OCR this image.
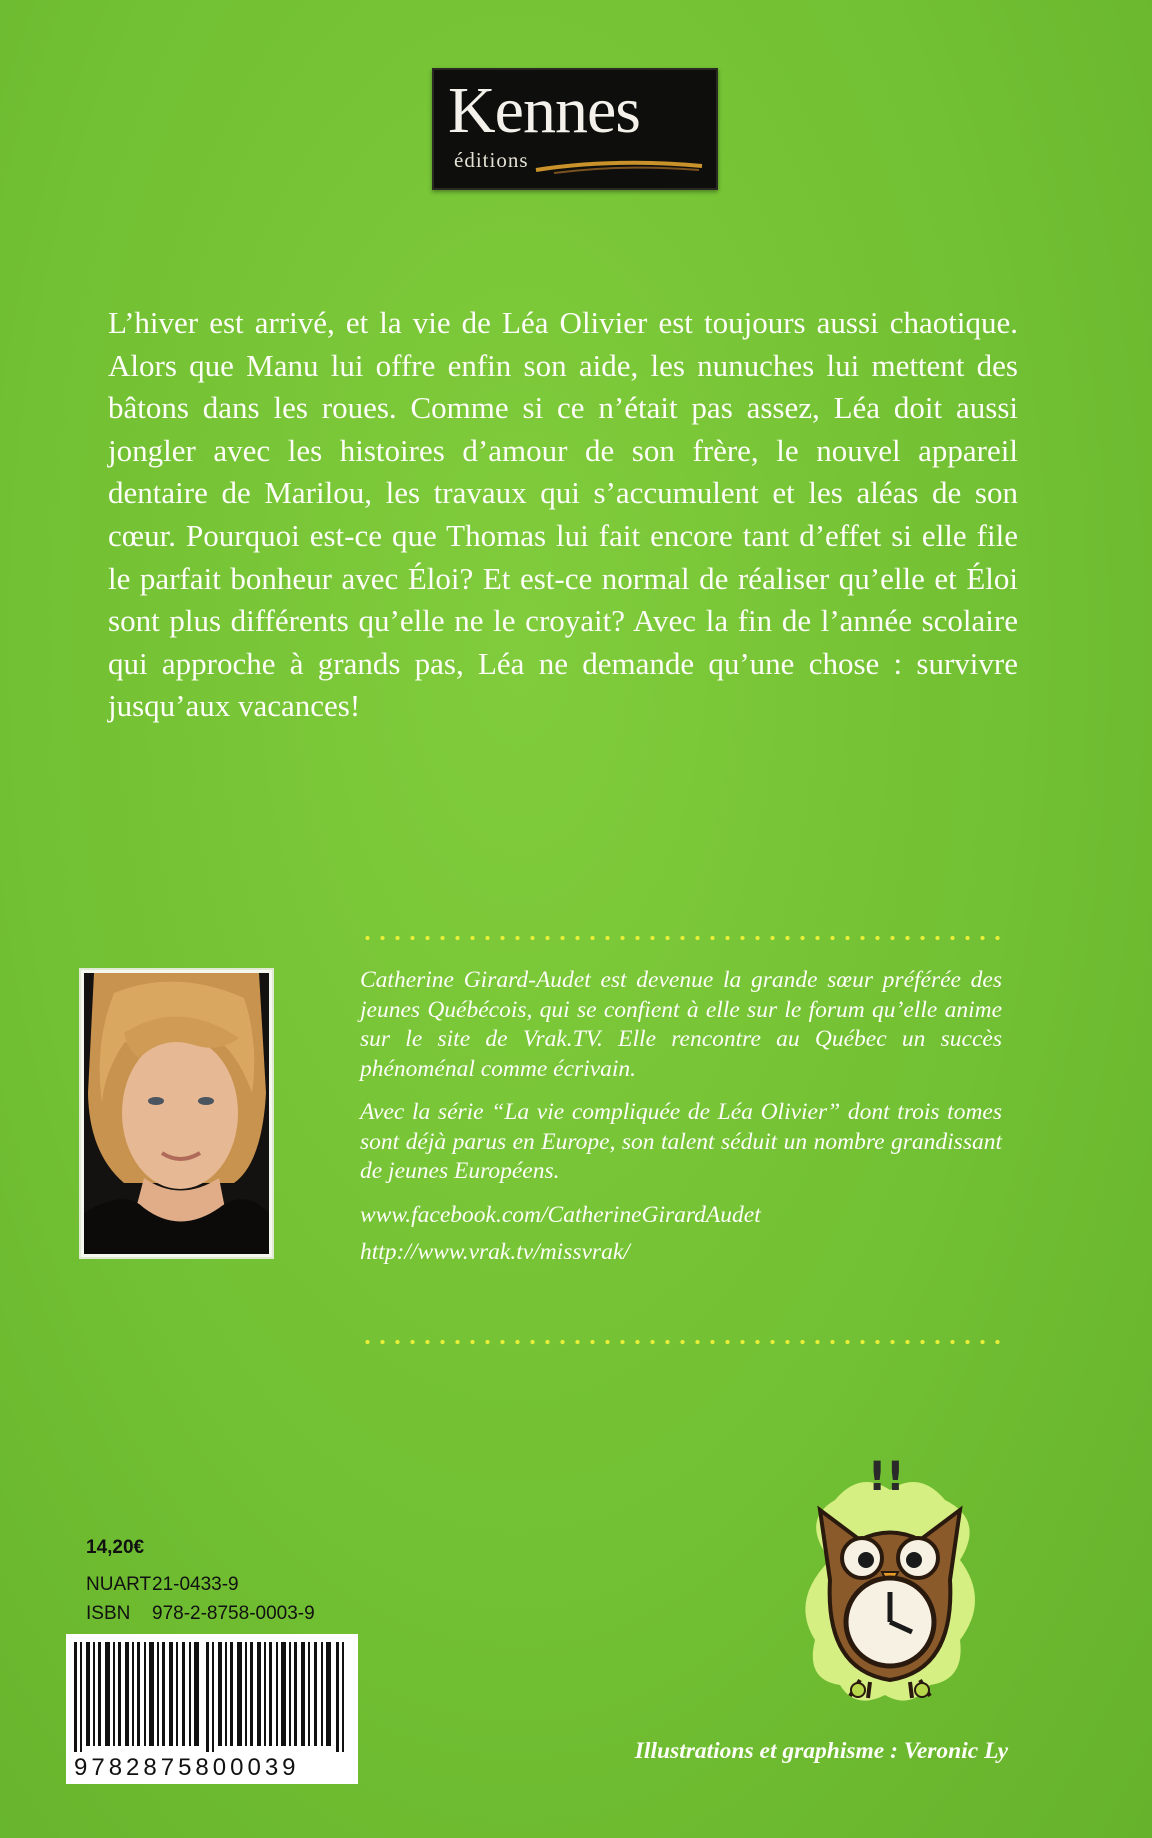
Kennes
éditions

L’hiver est arrivé, et la vie de Léa Olivier est toujours aussi chaotique. Alors que Manu lui offre enfin son aide, les nunuches lui mettent des bâtons dans les roues. Comme si ce n’était pas assez, Léa doit aussi jongler avec les histoires d’amour de son frère, le nouvel appareil dentaire de Marilou, les travaux qui s’accumulent et les aléas de son cœur. Pourquoi est-ce que Thomas lui fait encore tant d’effet si elle file le parfait bonheur avec Éloi? Et est-ce normal de réaliser qu’elle et Éloi sont plus différents qu’elle ne le croyait? Avec la fin de l’année scolaire qui approche à grands pas, Léa ne demande qu’une chose : survivre jusqu’aux vacances!

Catherine Girard-Audet est devenue la grande sœur préférée des jeunes Québécois, qui se confient à elle sur le forum qu’elle anime sur le site de Vrak.TV. Elle rencontre au Québec un succès phénoménal comme écrivain.

Avec la série “La vie compliquée de Léa Olivier” dont trois tomes sont déjà parus en Europe, son talent séduit un nombre grandissant de jeunes Européens.

www.facebook.com/CatherineGirardAudet
http://www.vrak.tv/missvrak/
14,20€
NUART21-0433-9
ISBN 978-2-8758-0003-9
9782875800039
!!
Illustrations et graphisme : Veronic Ly
